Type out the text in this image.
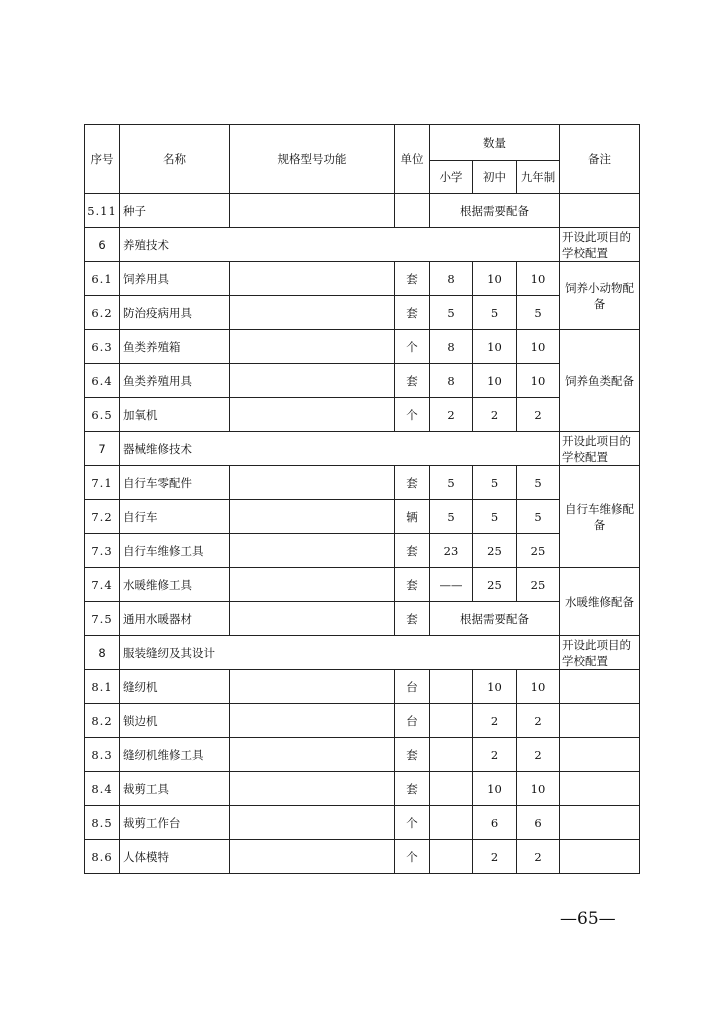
序号	名称	规格型号功能	单位	数量			备注
				小学	初中	九年制	
5.11	种子			根据需要配备			
6	养殖技术						开设此项目的学校配置
6.1	饲养用具		套	8	10	10	饲养小动物配备
6.2	防治疫病用具		套	5	5	5	
6.3	鱼类养殖箱		个	8	10	10	饲养鱼类配备
6.4	鱼类养殖用具		套	8	10	10	
6.5	加氧机		个	2	2	2	
7	器械维修技术						开设此项目的学校配置
7.1	自行车零配件		套	5	5	5	自行车维修配备
7.2	自行车		辆	5	5	5	
7.3	自行车维修工具		套	23	25	25	
7.4	水暖维修工具		套	——	25	25	水暖维修配备
7.5	通用水暖器材		套	根据需要配备			
8	服装缝纫及其设计						开设此项目的学校配置
8.1	缝纫机		台		10	10	
8.2	锁边机		台		2	2	
8.3	缝纫机维修工具		套		2	2	
8.4	裁剪工具		套		10	10	
8.5	裁剪工作台		个		6	6	
8.6	人体模特		个		2	2	
—65—
